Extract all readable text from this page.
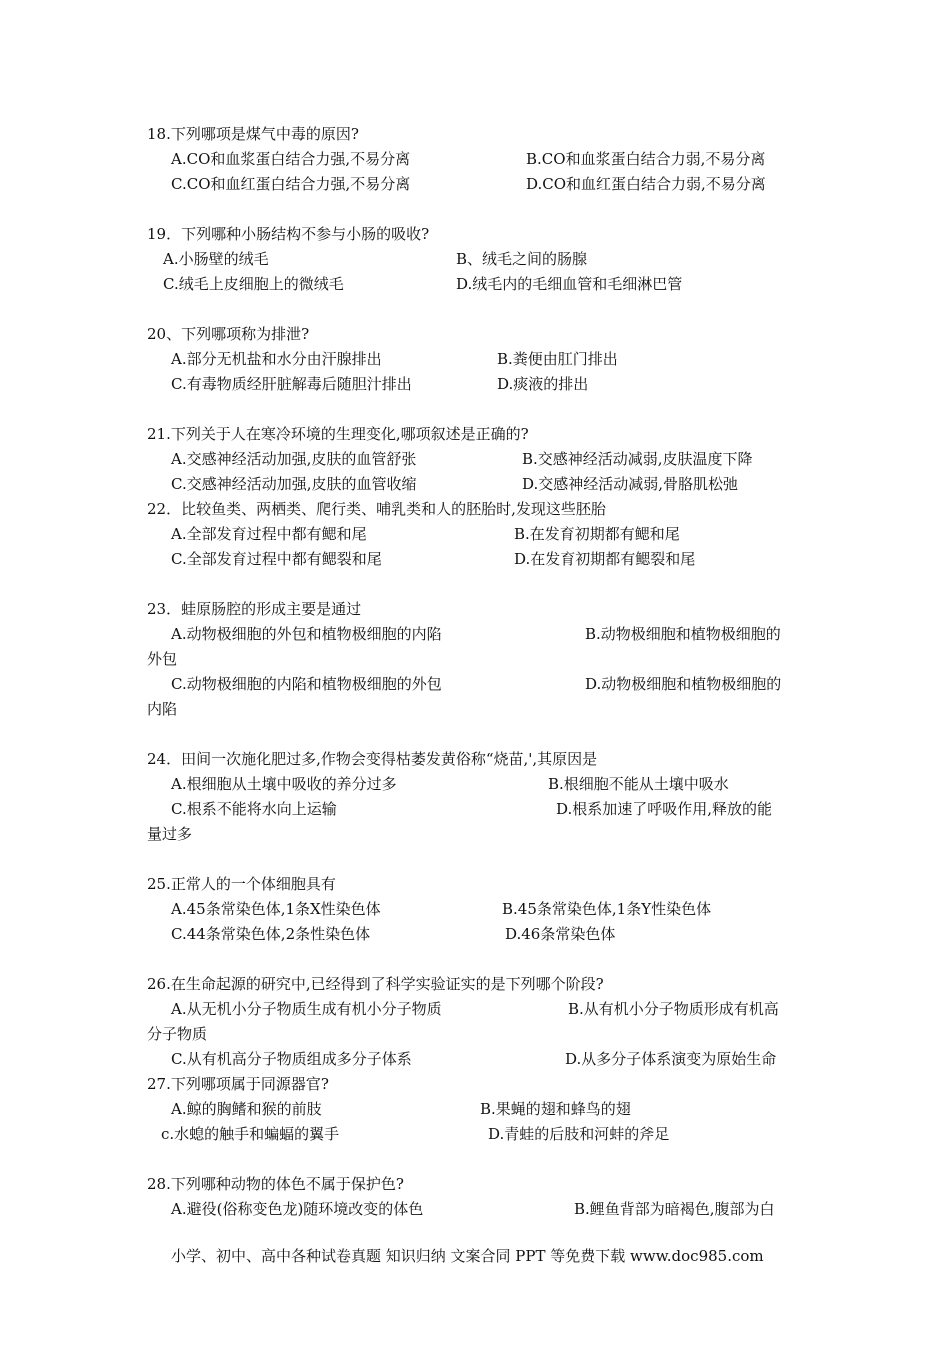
18.下列哪项是煤气中毒的原因?
A.CO和血浆蛋白结合力强,不易分离	B.CO和血浆蛋白结合力弱,不易分离
C.CO和血红蛋白结合力强,不易分离	D.CO和血红蛋白结合力弱,不易分离
19．下列哪种小肠结构不参与小肠的吸收?
A.小肠壁的绒毛	B、绒毛之间的肠腺
C.绒毛上皮细胞上的微绒毛	D.绒毛内的毛细血管和毛细淋巴管
20、下列哪项称为排泄?
A.部分无机盐和水分由汗腺排出	B.粪便由肛门排出
C.有毒物质经肝脏解毒后随胆汁排出	D.痰液的排出
21.下列关于人在寒冷环境的生理变化,哪项叙述是正确的?
A.交感神经活动加强,皮肤的血管舒张	B.交感神经活动减弱,皮肤温度下降
C.交感神经活动加强,皮肤的血管收缩	D.交感神经活动减弱,骨胳肌松弛
22．比较鱼类、两栖类、爬行类、哺乳类和人的胚胎时,发现这些胚胎
A.全部发育过程中都有鳃和尾	B.在发育初期都有鳃和尾
C.全部发育过程中都有鳃裂和尾	D.在发育初期都有鳃裂和尾
23．蛙原肠腔的形成主要是通过
A.动物极细胞的外包和植物极细胞的内陷	B.动物极细胞和植物极细胞的
外包
C.动物极细胞的内陷和植物极细胞的外包	D.动物极细胞和植物极细胞的
内陷
24．田间一次施化肥过多,作物会变得枯萎发黄俗称“烧苗,',其原因是
A.根细胞从土壤中吸收的养分过多	B.根细胞不能从土壤中吸水
C.根系不能将水向上运输	D.根系加速了呼吸作用,释放的能
量过多
25.正常人的一个体细胞具有
A.45条常染色体,1条X性染色体	B.45条常染色体,1条Y性染色体
C.44条常染色体,2条性染色体	D.46条常染色体
26.在生命起源的研究中,已经得到了科学实验证实的是下列哪个阶段?
A.从无机小分子物质生成有机小分子物质	B.从有机小分子物质形成有机高
分子物质
C.从有机高分子物质组成多分子体系	D.从多分子体系演变为原始生命
27.下列哪项属于同源器官?
A.鲸的胸鳍和猴的前肢	B.果蝇的翅和蜂鸟的翅
c.水螅的触手和蝙蝠的翼手	D.青蛙的后肢和河蚌的斧足
28.下列哪种动物的体色不属于保护色?
A.避役(俗称变色龙)随环境改变的体色	B.鲤鱼背部为暗褐色,腹部为白
小学、初中、高中各种试卷真题 知识归纳 文案合同 PPT 等免费下载 www.doc985.com
